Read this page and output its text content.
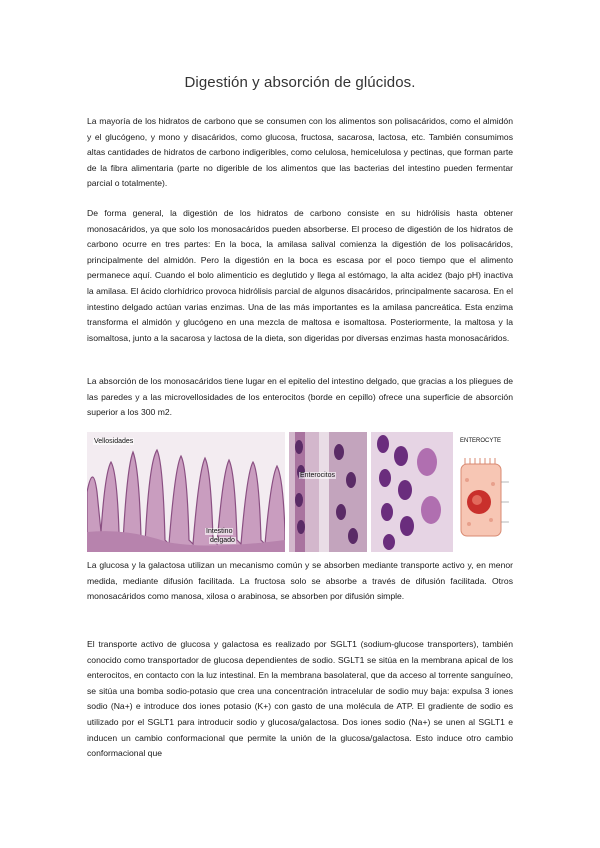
Digestión y absorción de glúcidos.
La mayoría de los hidratos de carbono que se consumen con los alimentos son polisacáridos, como el almidón y el glucógeno, y mono y disacáridos, como glucosa, fructosa, sacarosa, lactosa, etc. También consumimos altas cantidades de hidratos de carbono indigeribles, como celulosa, hemicelulosa y pectinas, que forman parte de la fibra alimentaria (parte no digerible de los alimentos que las bacterias del intestino pueden fermentar parcial o totalmente).
De forma general, la digestión de los hidratos de carbono consiste en su hidrólisis hasta obtener monosacáridos, ya que solo los monosacáridos pueden absorberse. El proceso de digestión de los hidratos de carbono ocurre en tres partes: En la boca, la amilasa salival comienza la digestión de los polisacáridos, principalmente del almidón. Pero la digestión en la boca es escasa por el poco tiempo que el alimento permanece aquí. Cuando el bolo alimenticio es deglutido y llega al estómago, la alta acidez (bajo pH) inactiva la amilasa. El ácido clorhídrico provoca hidrólisis parcial de algunos disacáridos, principalmente sacarosa. En el intestino delgado actúan varias enzimas. Una de las más importantes es la amilasa pancreática. Esta enzima transforma el almidón y glucógeno en una mezcla de maltosa e isomaltosa. Posteriormente, la maltosa y la isomaltosa, junto a la sacarosa y lactosa de la dieta, son digeridas por diversas enzimas hasta monosacáridos.
La absorción de los monosacáridos tiene lugar en el epitelio del intestino delgado, que gracias a los pliegues de las paredes y a las microvellosidades de los enterocitos (borde en cepillo) ofrece una superficie de absorción superior a los 300 m2.
Vellosidades
Intestino
delgado
Enterocitos
ENTEROCYTE
La glucosa y la galactosa utilizan un mecanismo común y se absorben mediante transporte activo y, en menor medida, mediante difusión facilitada. La fructosa solo se absorbe a través de difusión facilitada. Otros monosacáridos como manosa, xilosa o arabinosa, se absorben por difusión simple.
El transporte activo de glucosa y galactosa es realizado por SGLT1 (sodium-glucose transporters), también conocido como transportador de glucosa dependientes de sodio. SGLT1 se sitúa en la membrana apical de los enterocitos, en contacto con la luz intestinal. En la membrana basolateral, que da acceso al torrente sanguíneo, se sitúa una bomba sodio-potasio que crea una concentración intracelular de sodio muy baja: expulsa 3 iones sodio (Na+) e introduce dos iones potasio (K+) con gasto de una molécula de ATP. El gradiente de sodio es utilizado por el SGLT1 para introducir sodio y glucosa/galactosa. Dos iones sodio (Na+) se unen al SGLT1 e inducen un cambio conformacional que permite la unión de la glucosa/galactosa. Esto induce otro cambio conformacional que
